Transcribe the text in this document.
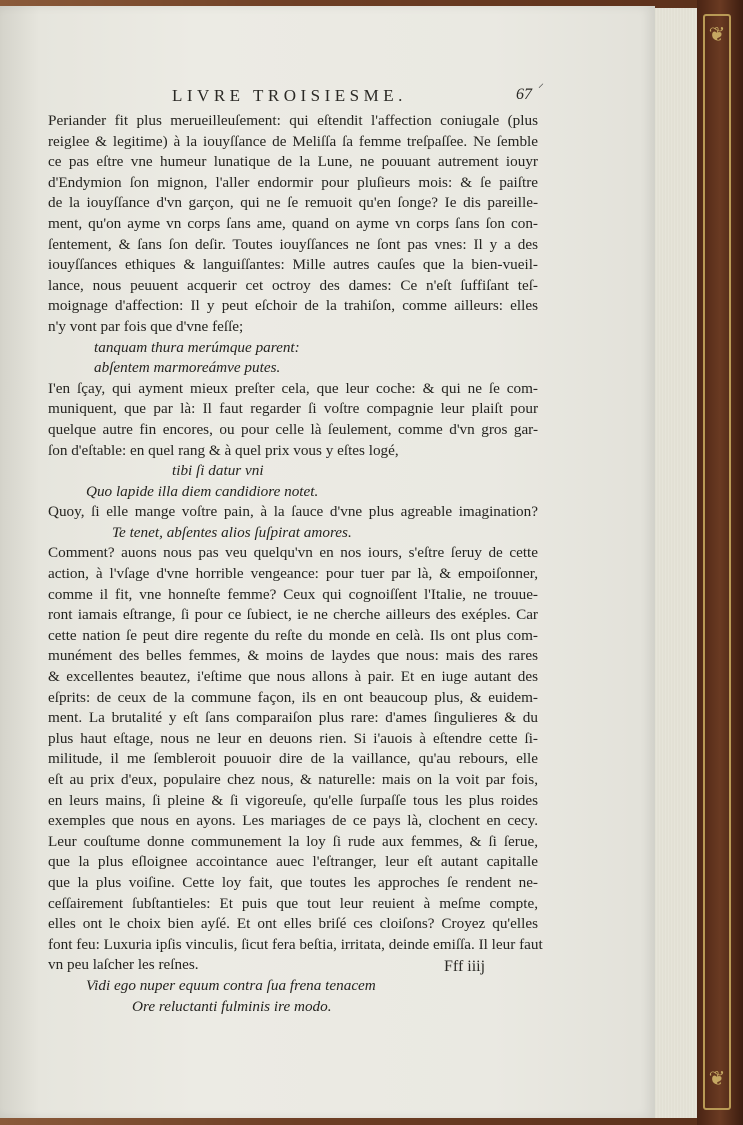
❦
❦
LIVRE TROISIESME.	67
Periander fit plus merueilleuſement: qui eſtendit l'affection coniugale (plus
reiglee & legitime) à la iouyſſance de Meliſſa ſa femme treſpaſſee. Ne ſemble
ce pas eſtre vne humeur lunatique de la Lune, ne pouuant autrement iouyr
d'Endymion ſon mignon, l'aller endormir pour pluſieurs mois: & ſe paiſtre
de la iouyſſance d'vn garçon, qui ne ſe remuoit qu'en ſonge? Ie dis pareille-
ment, qu'on ayme vn corps ſans ame, quand on ayme vn corps ſans ſon con-
ſentement, & ſans ſon deſir. Toutes iouyſſances ne ſont pas vnes: Il y a des
iouyſſances ethiques & languiſſantes: Mille autres cauſes que la bien-vueil-
lance, nous peuuent acquerir cet octroy des dames: Ce n'eſt ſuffiſant teſ-
moignage d'affection: Il y peut eſchoir de la trahiſon, comme ailleurs: elles
n'y vont par fois que d'vne feſſe;
tanquam thura merúmque parent:
abſentem marmoreámve putes.
I'en ſçay, qui ayment mieux preſter cela, que leur coche: & qui ne ſe com-
muniquent, que par là: Il faut regarder ſi voſtre compagnie leur plaiſt pour
quelque autre fin encores, ou pour celle là ſeulement, comme d'vn gros gar-
ſon d'eſtable: en quel rang & à quel prix vous y eſtes logé,
tibi ſi datur vni
Quo lapide illa diem candidiore notet.
Quoy, ſi elle mange voſtre pain, à la ſauce d'vne plus agreable imagination?
Te tenet, abſentes alios ſuſpirat amores.
Comment? auons nous pas veu quelqu'vn en nos iours, s'eſtre ſeruy de cette
action, à l'vſage d'vne horrible vengeance: pour tuer par là, & empoiſonner,
comme il fit, vne honneſte femme? Ceux qui cognoiſſent l'Italie, ne trouue-
ront iamais eſtrange, ſi pour ce ſubiect, ie ne cherche ailleurs des exéples. Car
cette nation ſe peut dire regente du reſte du monde en celà. Ils ont plus com-
munément des belles femmes, & moins de laydes que nous: mais des rares
& excellentes beautez, i'eſtime que nous allons à pair. Et en iuge autant des
eſprits: de ceux de la commune façon, ils en ont beaucoup plus, & euidem-
ment. La brutalité y eſt ſans comparaiſon plus rare: d'ames ſingulieres & du
plus haut eſtage, nous ne leur en deuons rien. Si i'auois à eſtendre cette ſi-
militude, il me ſembleroit pouuoir dire de la vaillance, qu'au rebours, elle
eſt au prix d'eux, populaire chez nous, & naturelle: mais on la voit par fois,
en leurs mains, ſi pleine & ſi vigoreuſe, qu'elle ſurpaſſe tous les plus roides
exemples que nous en ayons. Les mariages de ce pays là, clochent en cecy.
Leur couſtume donne communement la loy ſi rude aux femmes, & ſi ſerue,
que la plus eſloignee accointance auec l'eſtranger, leur eſt autant capitalle
que la plus voiſine. Cette loy fait, que toutes les approches ſe rendent ne-
ceſſairement ſubſtantieles: Et puis que tout leur reuient à meſme compte,
elles ont le choix bien ayſé. Et ont elles briſé ces cloiſons? Croyez qu'elles
font feu: Luxuria ipſis vinculis, ſicut fera beſtia, irritata, deinde emiſſa. Il leur faut
vn peu laſcher les reſnes.
Vidi ego nuper equum contra ſua frena tenacem
Ore reluctanti fulminis ire modo.
Fff iiij
